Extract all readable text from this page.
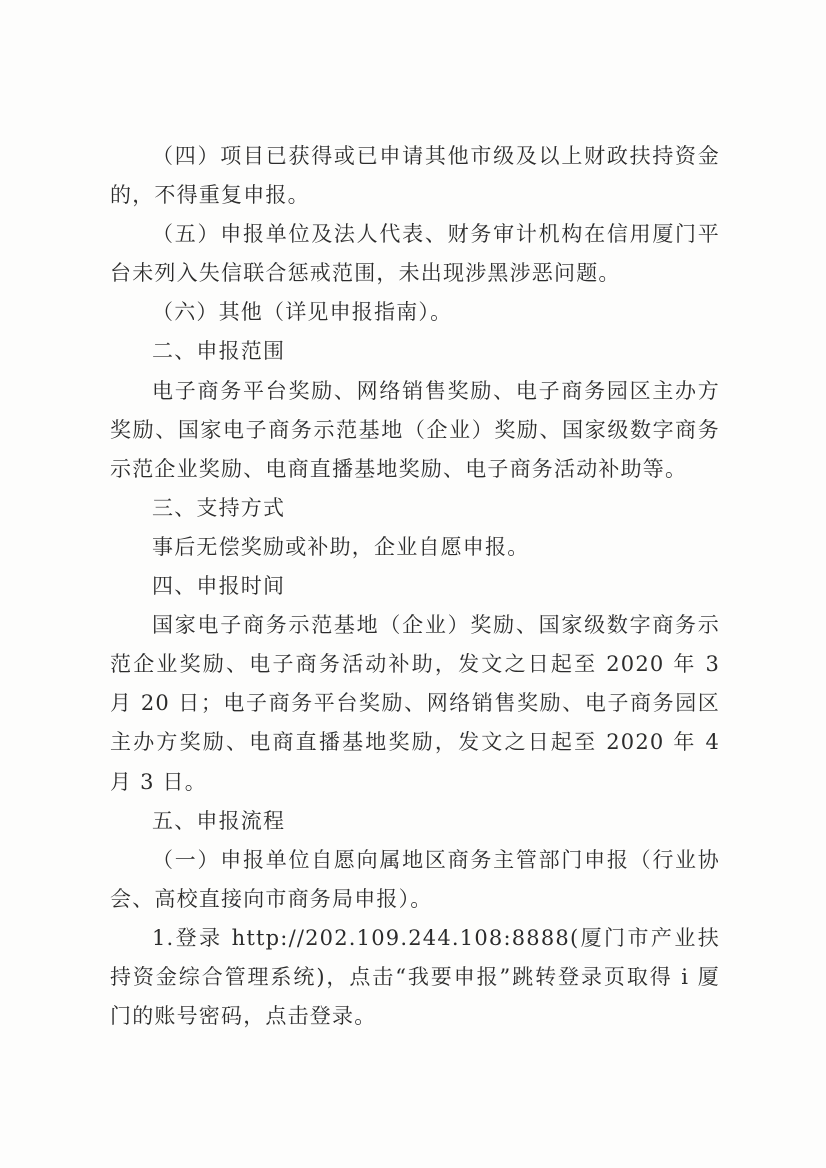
（四）项目已获得或已申请其他市级及以上财政扶持资金的，不得重复申报。

（五）申报单位及法人代表、财务审计机构在信用厦门平台未列入失信联合惩戒范围，未出现涉黑涉恶问题。

（六）其他（详见申报指南）。

二、申报范围

电子商务平台奖励、网络销售奖励、电子商务园区主办方奖励、国家电子商务示范基地（企业）奖励、国家级数字商务示范企业奖励、电商直播基地奖励、电子商务活动补助等。

三、支持方式

事后无偿奖励或补助，企业自愿申报。

四、申报时间

国家电子商务示范基地（企业）奖励、国家级数字商务示范企业奖励、电子商务活动补助，发文之日起至 2020 年 3 月 20 日；电子商务平台奖励、网络销售奖励、电子商务园区主办方奖励、电商直播基地奖励，发文之日起至 2020 年 4 月 3 日。

五、申报流程

（一）申报单位自愿向属地区商务主管部门申报（行业协会、高校直接向市商务局申报）。

1.登录 http://202.109.244.108:8888(厦门市产业扶持资金综合管理系统)，点击“我要申报”跳转登录页取得 i 厦门的账号密码，点击登录。
